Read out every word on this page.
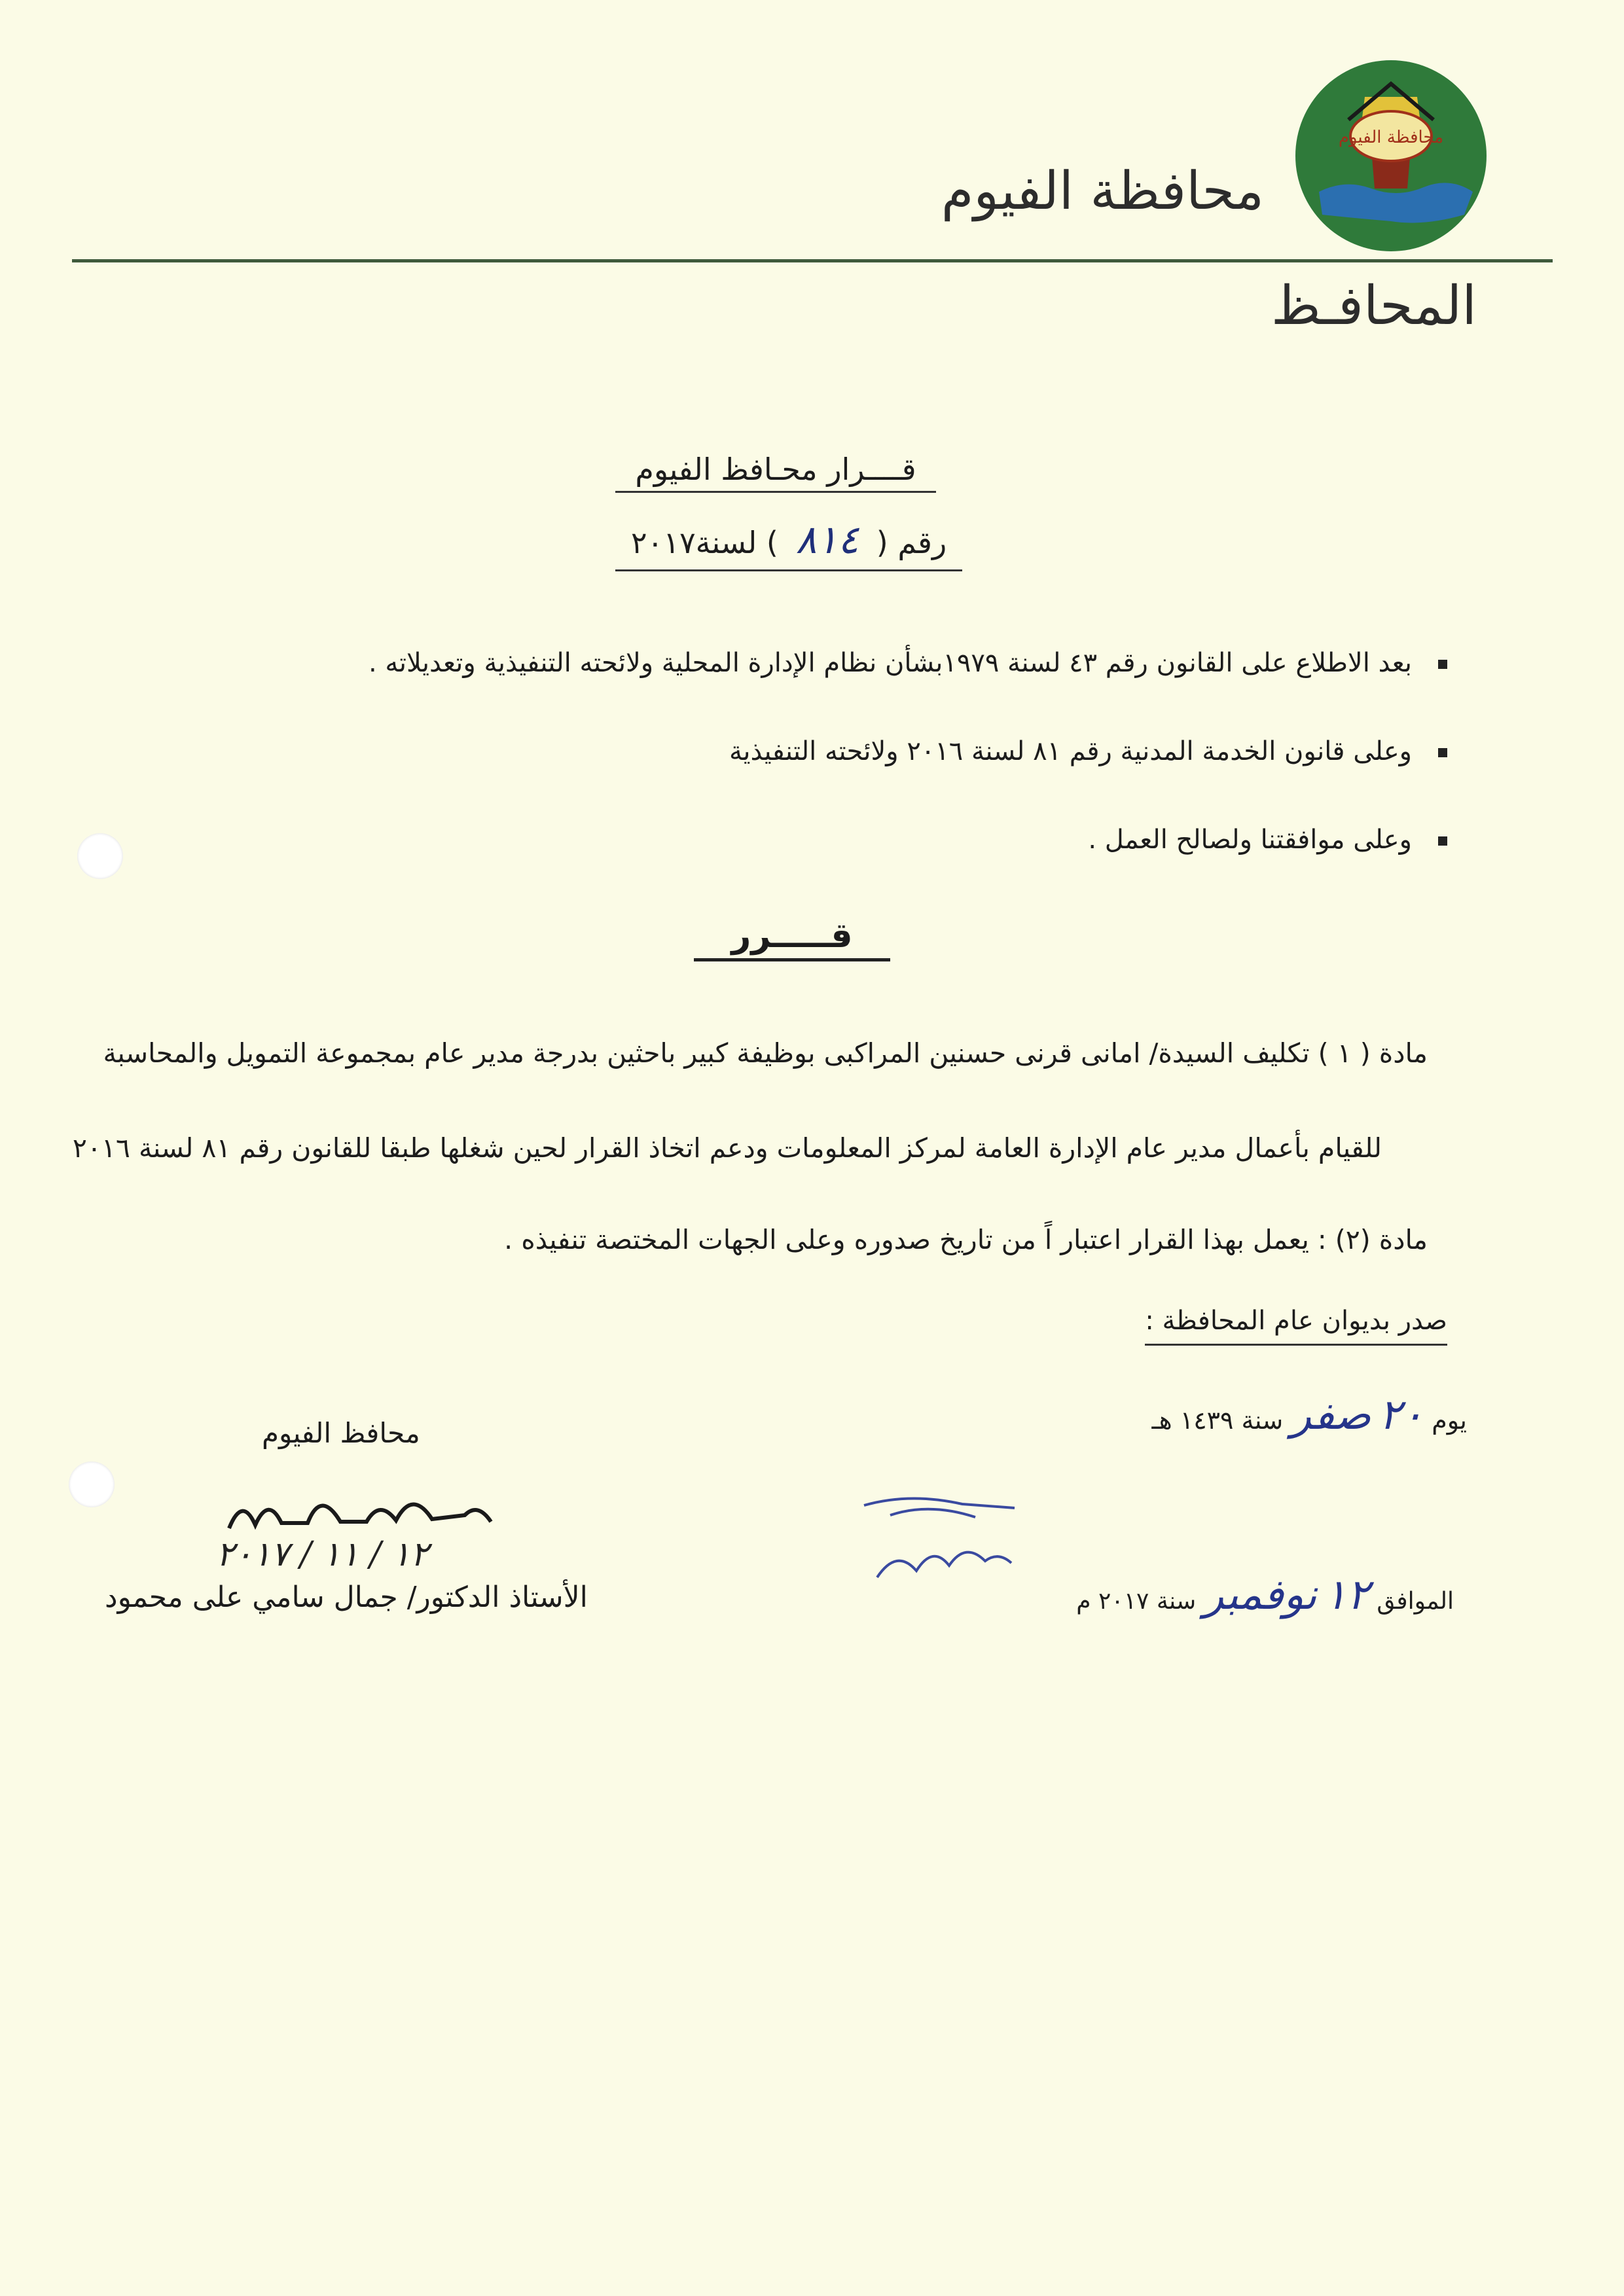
محافظة الفيوم
محافظة الفيوم
المحافـظ
قــــرار محـافظ الفيوم
رقم ( ٨١٤ ) لسنة٢٠١٧
بعد الاطلاع على القانون رقم ٤٣ لسنة ١٩٧٩بشأن نظام الإدارة المحلية ولائحته التنفيذية وتعديلاته .
وعلى قانون الخدمة المدنية رقم ٨١ لسنة ٢٠١٦ ولائحته التنفيذية
وعلى موافقتنا ولصالح العمل .
قـــــرر
مادة ( ١ ) تكليف السيدة/ امانى قرنى حسنين المراكبى بوظيفة كبير باحثين بدرجة مدير عام بمجموعة التمويل والمحاسبة
للقيام بأعمال مدير عام الإدارة العامة لمركز المعلومات ودعم اتخاذ القرار لحين شغلها طبقا للقانون رقم ٨١ لسنة ٢٠١٦
مادة (٢) : يعمل بهذا القرار اعتبار اً من تاريخ صدوره وعلى الجهات المختصة تنفيذه .
صدر بديوان عام المحافظة :
يوم ٢٠ صفر سنة ١٤٣٩ هـ
الموافق ١٢ نوفمبر سنة ٢٠١٧ م
محافظ الفيوم
١٢ / ١١ / ٢٠١٧
الأستاذ الدكتور/ جمال سامي على محمود
